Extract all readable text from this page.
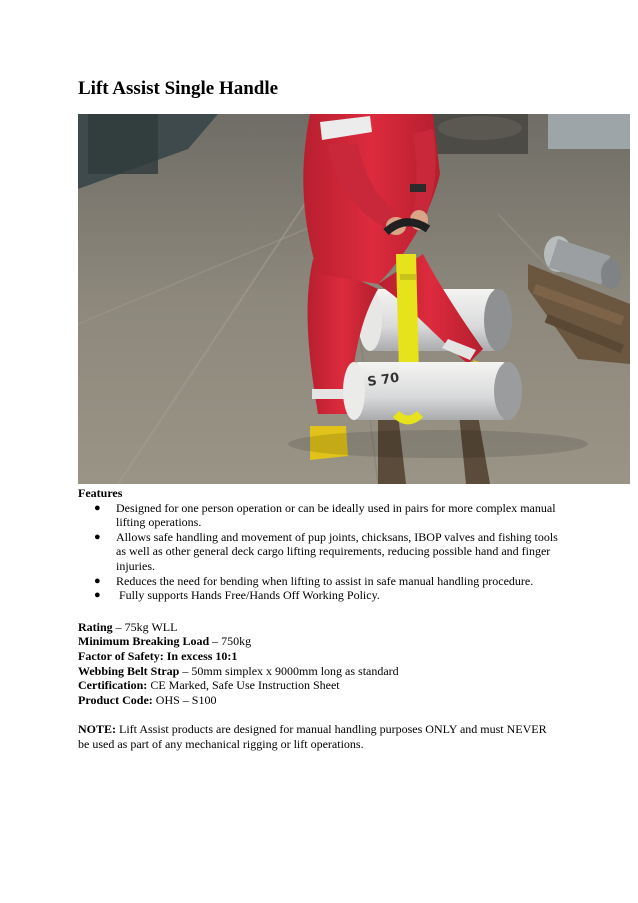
Lift Assist Single Handle
S 70

Features

● Designed for one person operation or can be ideally used in pairs for more complex manual lifting operations.
● Allows safe handling and movement of pup joints, chicksans, IBOP valves and fishing tools as well as other general deck cargo lifting requirements, reducing possible hand and finger injuries.
● Reduces the need for bending when lifting to assist in safe manual handling procedure.
● Fully supports Hands Free/Hands Off Working Policy.

Rating – 75kg WLL

Minimum Breaking Load – 750kg

Factor of Safety: In excess 10:1

Webbing Belt Strap – 50mm simplex x 9000mm long as standard

Certification: CE Marked, Safe Use Instruction Sheet

Product Code: OHS – S100

NOTE: Lift Assist products are designed for manual handling purposes ONLY and must NEVER be used as part of any mechanical rigging or lift operations.
